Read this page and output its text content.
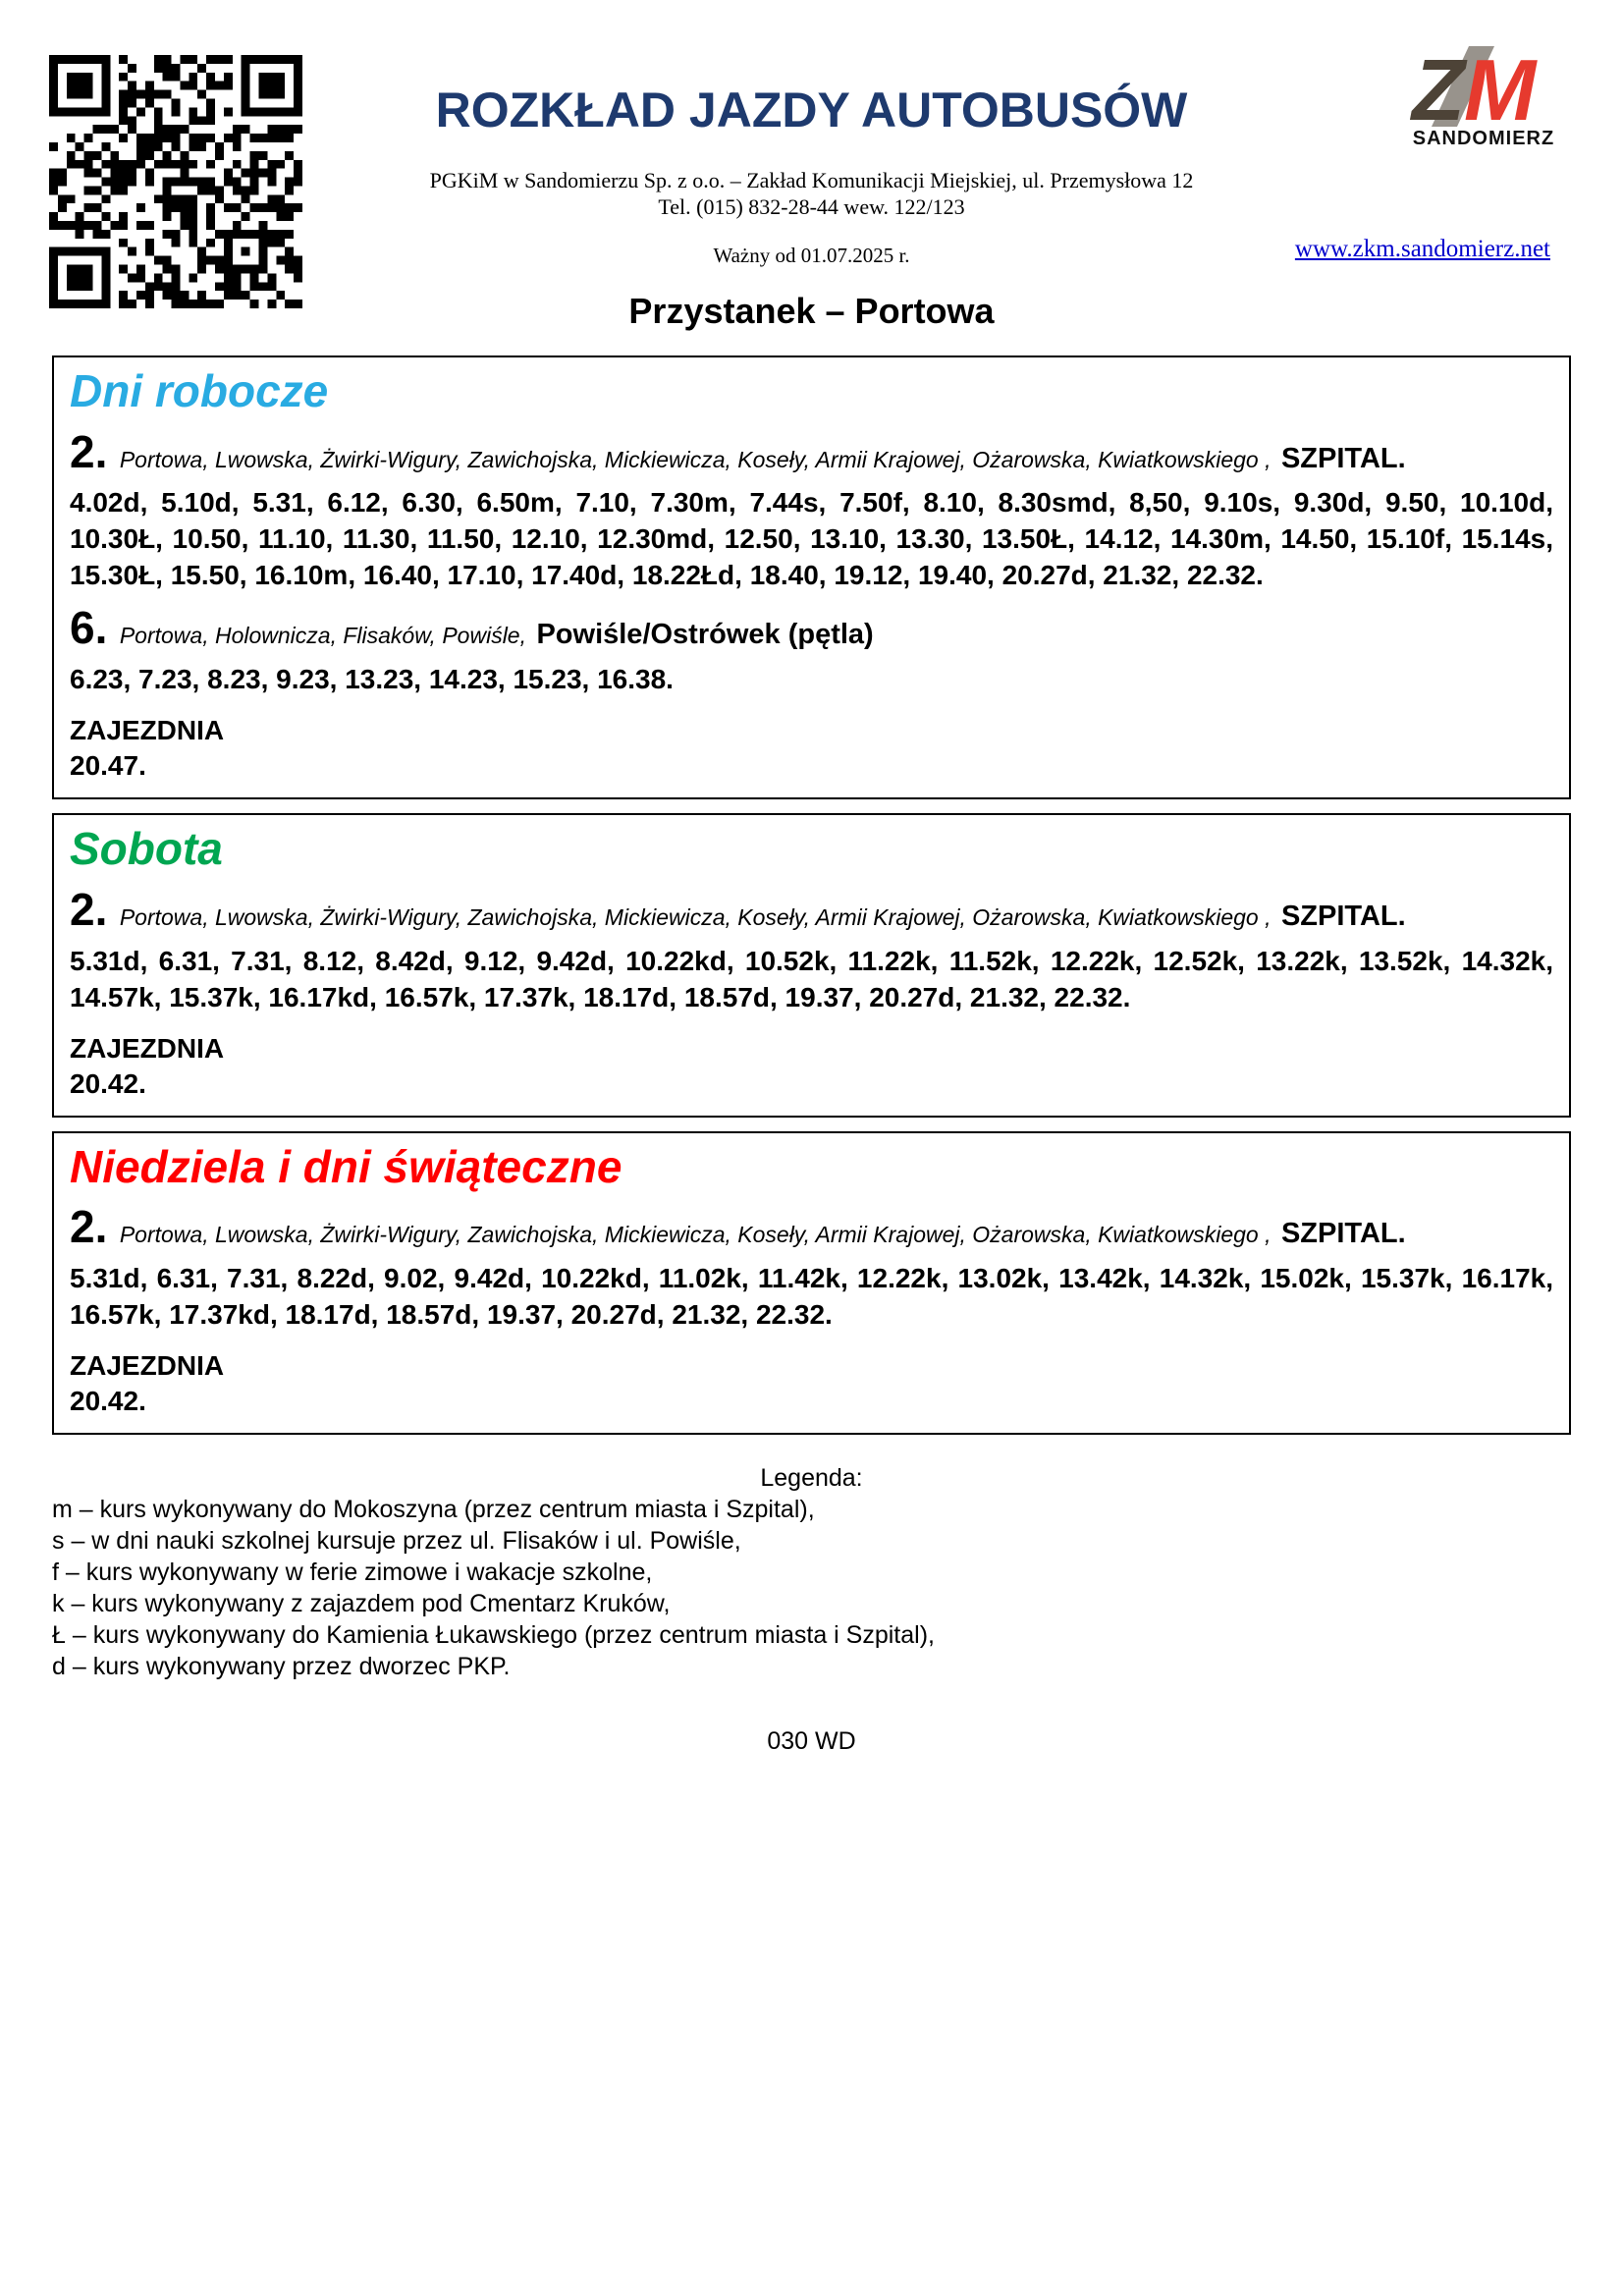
ROZKŁAD JAZDY AUTOBUSÓW
PGKiM w Sandomierzu Sp. z o.o. – Zakład Komunikacji Miejskiej, ul. Przemysłowa 12
Tel. (015) 832-28-44 wew. 122/123
Ważny od 01.07.2025 r.	www.zkm.sandomierz.net
Z M
SANDOMIERZ
Przystanek – Portowa
Dni robocze

2. Portowa, Lwowska, Żwirki-Wigury, Zawichojska, Mickiewicza, Koseły, Armii Krajowej, Ożarowska, Kwiatkowskiego , SZPITAL.

4.02d, 5.10d, 5.31, 6.12, 6.30, 6.50m, 7.10, 7.30m, 7.44s, 7.50f, 8.10, 8.30smd, 8,50, 9.10s, 9.30d, 9.50, 10.10d, 10.30Ł, 10.50, 11.10, 11.30, 11.50, 12.10, 12.30md, 12.50, 13.10, 13.30, 13.50Ł, 14.12, 14.30m, 14.50, 15.10f, 15.14s, 15.30Ł, 15.50, 16.10m, 16.40, 17.10, 17.40d, 18.22Łd, 18.40, 19.12, 19.40, 20.27d, 21.32, 22.32.

6. Portowa, Holownicza, Flisaków, Powiśle, Powiśle/Ostrówek (pętla)

6.23, 7.23, 8.23, 9.23, 13.23, 14.23, 15.23, 16.38.

ZAJEZDNIA

20.47.

Sobota

2. Portowa, Lwowska, Żwirki-Wigury, Zawichojska, Mickiewicza, Koseły, Armii Krajowej, Ożarowska, Kwiatkowskiego , SZPITAL.

5.31d, 6.31, 7.31, 8.12, 8.42d, 9.12, 9.42d, 10.22kd, 10.52k, 11.22k, 11.52k, 12.22k, 12.52k, 13.22k, 13.52k, 14.32k, 14.57k, 15.37k, 16.17kd, 16.57k, 17.37k, 18.17d, 18.57d, 19.37, 20.27d, 21.32, 22.32.

ZAJEZDNIA

20.42.

Niedziela i dni świąteczne

2. Portowa, Lwowska, Żwirki-Wigury, Zawichojska, Mickiewicza, Koseły, Armii Krajowej, Ożarowska, Kwiatkowskiego , SZPITAL.

5.31d, 6.31, 7.31, 8.22d, 9.02, 9.42d, 10.22kd, 11.02k, 11.42k, 12.22k, 13.02k, 13.42k, 14.32k, 15.02k, 15.37k, 16.17k, 16.57k, 17.37kd, 18.17d, 18.57d, 19.37, 20.27d, 21.32, 22.32.

ZAJEZDNIA

20.42.

Legenda:
m – kurs wykonywany do Mokoszyna (przez centrum miasta i Szpital),
s – w dni nauki szkolnej kursuje przez ul. Flisaków i ul. Powiśle,
f – kurs wykonywany w ferie zimowe i wakacje szkolne,
k – kurs wykonywany z zajazdem pod Cmentarz Kruków,
Ł – kurs wykonywany do Kamienia Łukawskiego (przez centrum miasta i Szpital),
d – kurs wykonywany przez dworzec PKP.
030 WD
